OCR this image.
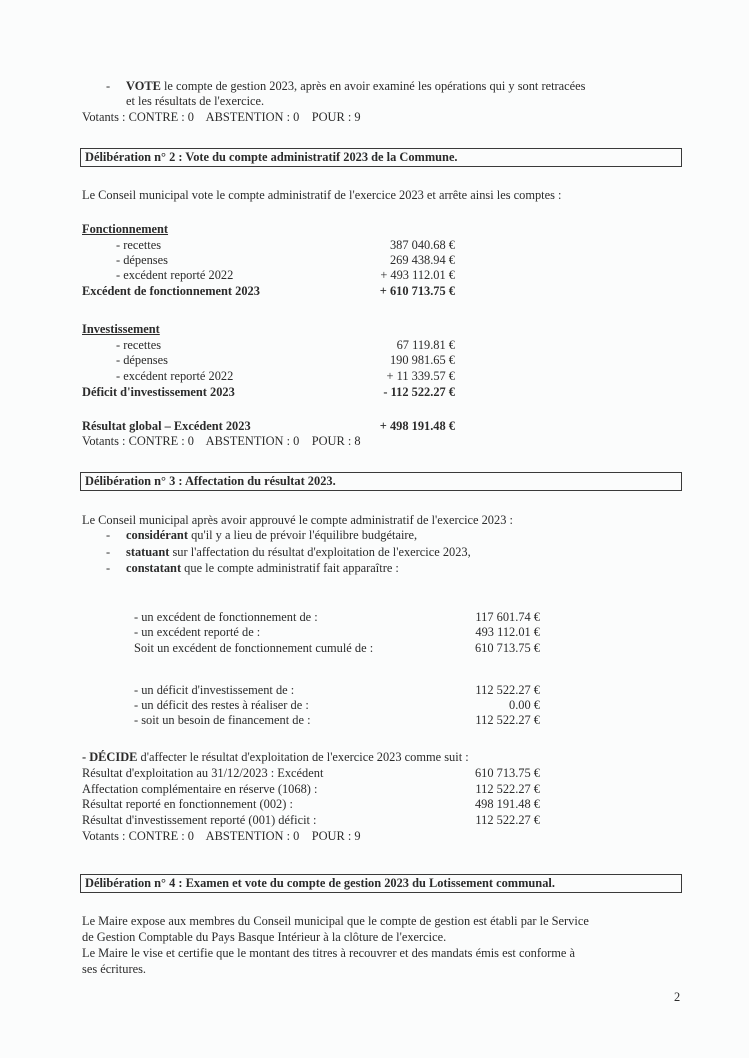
- VOTE le compte de gestion 2023, après en avoir examiné les opérations qui y sont retracées
et les résultats de l'exercice.
Votants : CONTRE : 0    ABSTENTION : 0    POUR : 9
Délibération n° 2 : Vote du compte administratif 2023 de la Commune.
Le Conseil municipal vote le compte administratif de l'exercice 2023 et arrête ainsi les comptes :
Fonctionnement
- recettes	387 040.68 €
- dépenses	269 438.94 €
- excédent reporté 2022	+ 493 112.01 €
Excédent de fonctionnement 2023	+ 610 713.75 €
Investissement
- recettes	67 119.81 €
- dépenses	190 981.65 €
- excédent reporté 2022	+ 11 339.57 €
Déficit d'investissement 2023	- 112 522.27 €
Résultat global – Excédent 2023	+ 498 191.48 €
Votants : CONTRE : 0    ABSTENTION : 0    POUR : 8
Délibération n° 3 : Affectation du résultat 2023.
Le Conseil municipal après avoir approuvé le compte administratif de l'exercice 2023 :
- considérant qu'il y a lieu de prévoir l'équilibre budgétaire,
- statuant sur l'affectation du résultat d'exploitation de l'exercice 2023,
- constatant que le compte administratif fait apparaître :
- un excédent de fonctionnement de :	117 601.74 €
- un excédent reporté de :	493 112.01 €
Soit un excédent de fonctionnement cumulé de :	610 713.75 €
- un déficit d'investissement de :	112 522.27 €
- un déficit des restes à réaliser de :	0.00 €
- soit un besoin de financement de :	112 522.27 €
- DÉCIDE d'affecter le résultat d'exploitation de l'exercice 2023 comme suit :
Résultat d'exploitation au 31/12/2023 : Excédent	610 713.75 €
Affectation complémentaire en réserve (1068) :	112 522.27 €
Résultat reporté en fonctionnement (002) :	498 191.48 €
Résultat d'investissement reporté (001) déficit :	112 522.27 €
Votants : CONTRE : 0    ABSTENTION : 0    POUR : 9
Délibération n° 4 : Examen et vote du compte de gestion 2023 du Lotissement communal.
Le Maire expose aux membres du Conseil municipal que le compte de gestion est établi par le Service
de Gestion Comptable du Pays Basque Intérieur à la clôture de l'exercice.
Le Maire le vise et certifie que le montant des titres à recouvrer et des mandats émis est conforme à
ses écritures.
2
